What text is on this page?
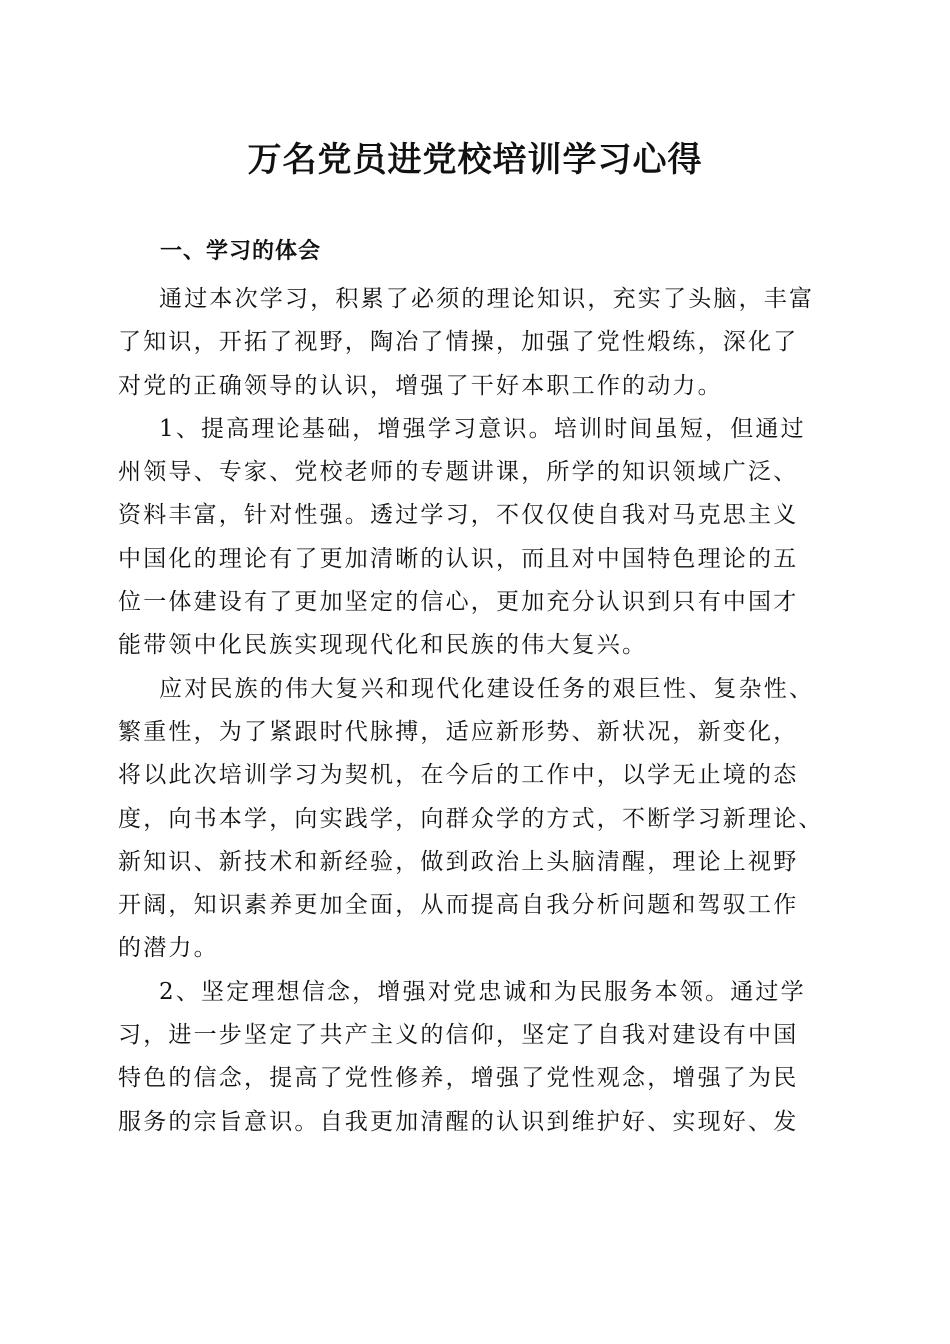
万名党员进党校培训学习心得
一、学习的体会

通过本次学习，积累了必须的理论知识，充实了头脑，丰富
了知识，开拓了视野，陶冶了情操，加强了党性煅练，深化了
对党的正确领导的认识，增强了干好本职工作的动力。

1、提高理论基础，增强学习意识。培训时间虽短，但通过
州领导、专家、党校老师的专题讲课，所学的知识领域广泛、
资料丰富，针对性强。透过学习，不仅仅使自我对马克思主义
中国化的理论有了更加清晰的认识，而且对中国特色理论的五
位一体建设有了更加坚定的信心，更加充分认识到只有中国才
能带领中化民族实现现代化和民族的伟大复兴。

应对民族的伟大复兴和现代化建设任务的艰巨性、复杂性、
繁重性，为了紧跟时代脉搏，适应新形势、新状况，新变化，
将以此次培训学习为契机，在今后的工作中，以学无止境的态
度，向书本学，向实践学，向群众学的方式，不断学习新理论、
新知识、新技术和新经验，做到政治上头脑清醒，理论上视野
开阔，知识素养更加全面，从而提高自我分析问题和驾驭工作
的潜力。

2、坚定理想信念，增强对党忠诚和为民服务本领。通过学
习，进一步坚定了共产主义的信仰，坚定了自我对建设有中国
特色的信念，提高了党性修养，增强了党性观念，增强了为民
服务的宗旨意识。自我更加清醒的认识到维护好、实现好、发
